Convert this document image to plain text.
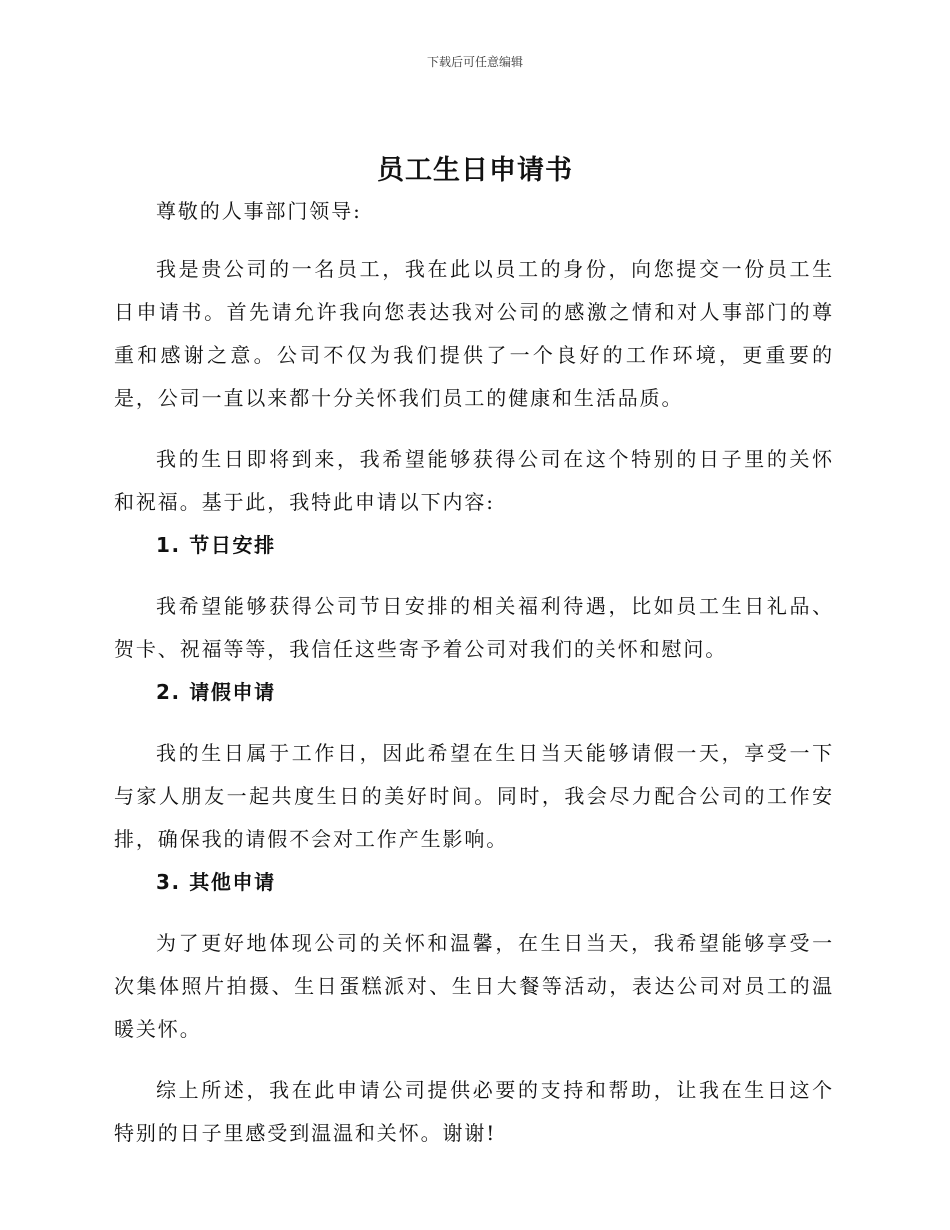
下载后可任意编辑
员工生日申请书

尊敬的人事部门领导:

我是贵公司的一名员工，我在此以员工的身份，向您提交一份员工生日申请书。首先请允许我向您表达我对公司的感激之情和对人事部门的尊重和感谢之意。公司不仅为我们提供了一个良好的工作环境，更重要的是，公司一直以来都十分关怀我们员工的健康和生活品质。

我的生日即将到来，我希望能够获得公司在这个特别的日子里的关怀和祝福。基于此，我特此申请以下内容:

1. 节日安排

我希望能够获得公司节日安排的相关福利待遇，比如员工生日礼品、贺卡、祝福等等，我信任这些寄予着公司对我们的关怀和慰问。

2. 请假申请

我的生日属于工作日，因此希望在生日当天能够请假一天，享受一下与家人朋友一起共度生日的美好时间。同时，我会尽力配合公司的工作安排，确保我的请假不会对工作产生影响。

3. 其他申请

为了更好地体现公司的关怀和温馨，在生日当天，我希望能够享受一次集体照片拍摄、生日蛋糕派对、生日大餐等活动，表达公司对员工的温暖关怀。

综上所述，我在此申请公司提供必要的支持和帮助，让我在生日这个特别的日子里感受到温温和关怀。谢谢!
